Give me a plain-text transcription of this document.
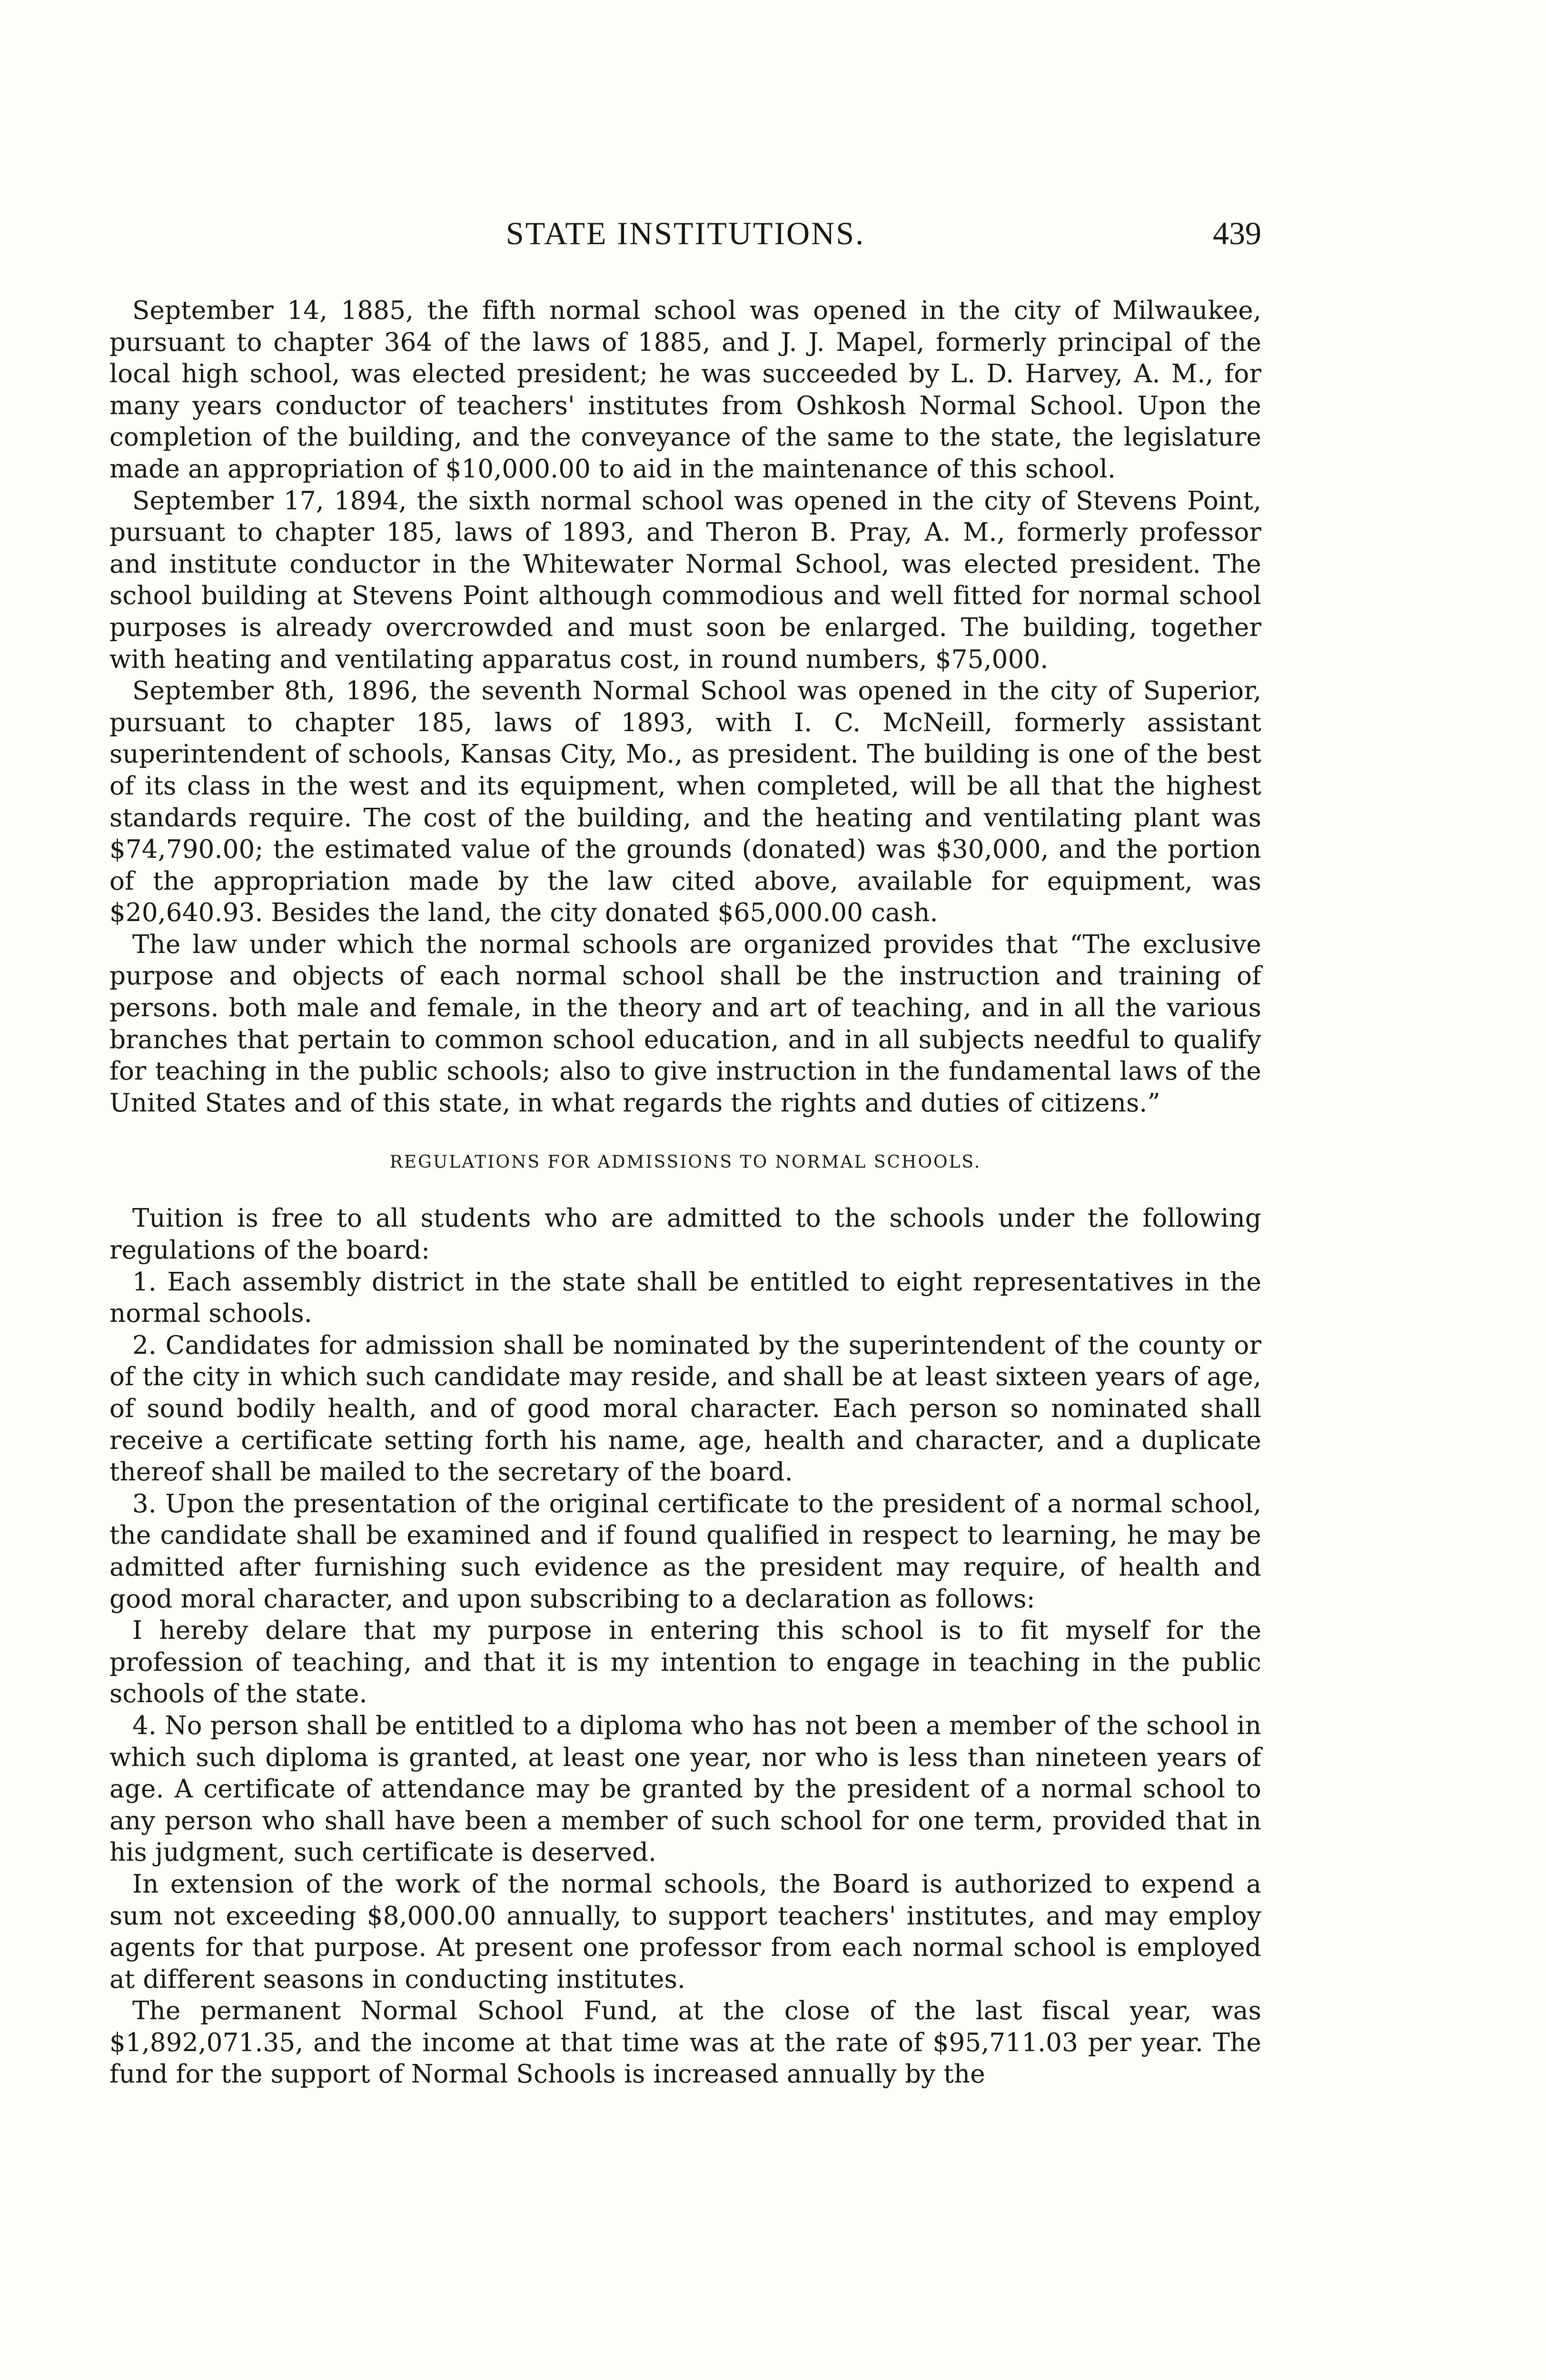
STATE INSTITUTIONS.	439

September 14, 1885, the fifth normal school was opened in the city of Milwaukee, pursuant to chapter 364 of the laws of 1885, and J. J. Mapel, formerly principal of the local high school, was elected president; he was succeeded by L. D. Harvey, A. M., for many years conductor of teachers' institutes from Oshkosh Normal School. Upon the completion of the building, and the conveyance of the same to the state, the legislature made an appropriation of $10,000.00 to aid in the maintenance of this school.

September 17, 1894, the sixth normal school was opened in the city of Stevens Point, pursuant to chapter 185, laws of 1893, and Theron B. Pray, A. M., formerly professor and institute conductor in the Whitewater Normal School, was elected president. The school building at Stevens Point although commodious and well fitted for normal school purposes is already overcrowded and must soon be enlarged. The building, together with heating and ventilating apparatus cost, in round numbers, $75,000.

September 8th, 1896, the seventh Normal School was opened in the city of Superior, pursuant to chapter 185, laws of 1893, with I. C. McNeill, formerly assistant superintendent of schools, Kansas City, Mo., as president. The building is one of the best of its class in the west and its equipment, when completed, will be all that the highest standards require. The cost of the building, and the heating and ventilating plant was $74,790.00; the estimated value of the grounds (donated) was $30,000, and the portion of the appropriation made by the law cited above, available for equipment, was $20,640.93. Besides the land, the city donated $65,000.00 cash.

The law under which the normal schools are organized provides that “The exclusive purpose and objects of each normal school shall be the instruction and training of persons. both male and female, in the theory and art of teaching, and in all the various branches that pertain to common school education, and in all subjects needful to qualify for teaching in the public schools; also to give instruction in the fundamental laws of the United States and of this state, in what regards the rights and duties of citizens.”

REGULATIONS FOR ADMISSIONS TO NORMAL SCHOOLS.

Tuition is free to all students who are admitted to the schools under the following regulations of the board:

1. Each assembly district in the state shall be entitled to eight representatives in the normal schools.

2. Candidates for admission shall be nominated by the superintendent of the county or of the city in which such candidate may reside, and shall be at least sixteen years of age, of sound bodily health, and of good moral character. Each person so nominated shall receive a certificate setting forth his name, age, health and character, and a duplicate thereof shall be mailed to the secretary of the board.

3. Upon the presentation of the original certificate to the president of a normal school, the candidate shall be examined and if found qualified in respect to learning, he may be admitted after furnishing such evidence as the president may require, of health and good moral character, and upon subscribing to a declaration as follows:

I hereby delare that my purpose in entering this school is to fit myself for the profession of teaching, and that it is my intention to engage in teaching in the public schools of the state.

4. No person shall be entitled to a diploma who has not been a member of the school in which such diploma is granted, at least one year, nor who is less than nineteen years of age. A certificate of attendance may be granted by the president of a normal school to any person who shall have been a member of such school for one term, provided that in his judgment, such certificate is deserved.

In extension of the work of the normal schools, the Board is authorized to expend a sum not exceeding $8,000.00 annually, to support teachers' institutes, and may employ agents for that purpose. At present one professor from each normal school is employed at different seasons in conducting institutes.

The permanent Normal School Fund, at the close of the last fiscal year, was $1,892,071.35, and the income at that time was at the rate of $95,711.03 per year. The fund for the support of Normal Schools is increased annually by the
